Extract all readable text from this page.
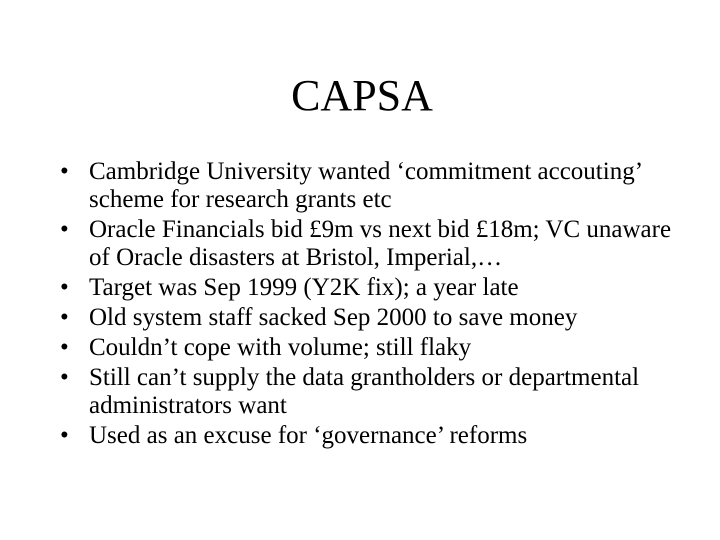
CAPSA
• Cambridge University wanted ‘commitment accouting’ scheme for research grants etc
• Oracle Financials bid £9m vs next bid £18m; VC unaware of Oracle disasters at Bristol, Imperial,…
• Target was Sep 1999 (Y2K fix); a year late
• Old system staff sacked Sep 2000 to save money
• Couldn’t cope with volume; still flaky
• Still can’t supply the data grantholders or departmental administrators want
• Used as an excuse for ‘governance’ reforms
